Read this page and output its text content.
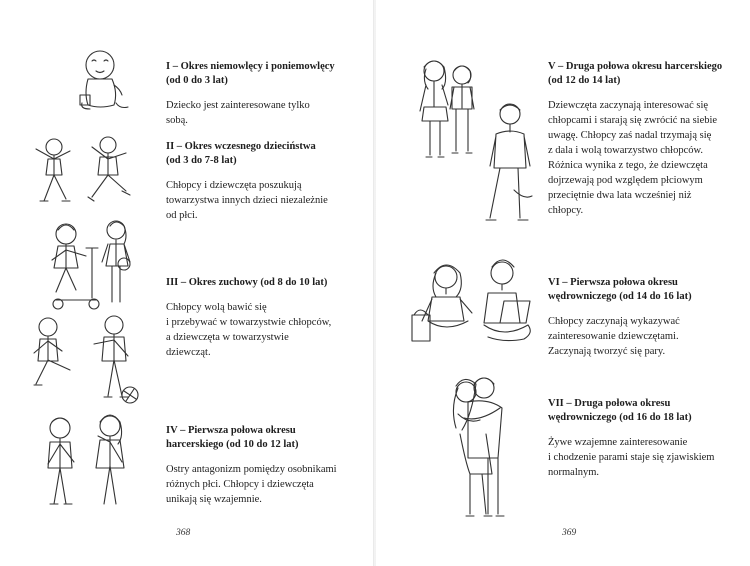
I – Okres niemowlęcy i poniemowlęcy
(od 0 do 3 lat)

Dziecko jest zainteresowane tylko
sobą.

II – Okres wczesnego dzieciństwa
(od 3 do 7-8 lat)

Chłopcy i dziewczęta poszukują
towarzystwa innych dzieci niezależnie
od płci.

III – Okres zuchowy (od 8 do 10 lat)

Chłopcy wolą bawić się
i przebywać w towarzystwie chłopców,
a dziewczęta w towarzystwie
dziewcząt.

IV – Pierwsza połowa okresu
harcerskiego (od 10 do 12 lat)

Ostry antagonizm pomiędzy osobnikami
różnych płci. Chłopcy i dziewczęta
unikają się wzajemnie.

368

V – Druga połowa okresu harcerskiego
(od 12 do 14 lat)

Dziewczęta zaczynają interesować się
chłopcami i starają się zwrócić na siebie
uwagę. Chłopcy zaś nadal trzymają się
z dala i wolą towarzystwo chłopców.
Różnica wynika z tego, że dziewczęta
dojrzewają pod względem płciowym
przeciętnie dwa lata wcześniej niż
chłopcy.

VI – Pierwsza połowa okresu
wędrowniczego (od 14 do 16 lat)

Chłopcy zaczynają wykazywać
zainteresowanie dziewczętami.
Zaczynają tworzyć się pary.

VII – Druga połowa okresu
wędrowniczego (od 16 do 18 lat)

Żywe wzajemne zainteresowanie
i chodzenie parami staje się zjawiskiem
normalnym.

369
